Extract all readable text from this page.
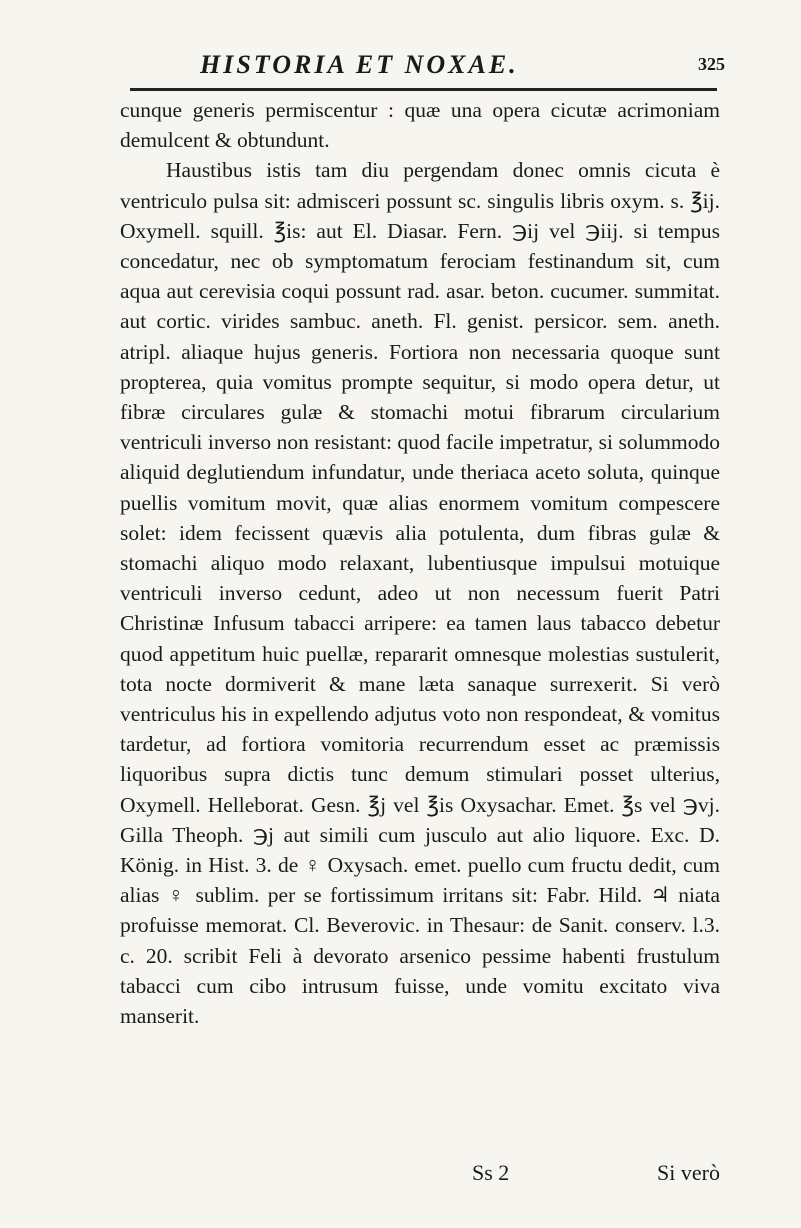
HISTORIA ET NOXAE.	325

cunque generis permiscentur : quæ una opera cicutæ acrimoniam demulcent & obtundunt.

Haustibus istis tam diu pergendam donec omnis cicuta è ventriculo pulsa sit: admisceri possunt sc. singulis libris oxym. s. ℥ij. Oxymell. squill. ℥is: aut El. Diasar. Fern. ℈ij vel ℈iij. si tempus concedatur, nec ob symptomatum ferociam festinandum sit, cum aqua aut cerevisia coqui possunt rad. asar. beton. cucumer. summitat. aut cortic. virides sambuc. aneth. Fl. genist. persicor. sem. aneth. atripl. aliaque hujus generis. Fortiora non necessaria quoque sunt propterea, quia vomitus prompte sequitur, si modo opera detur, ut fibræ circulares gulæ & stomachi motui fibrarum circularium ventriculi inverso non resistant: quod facile impetratur, si solummodo aliquid deglutiendum infundatur, unde theriaca aceto soluta, quinque puellis vomitum movit, quæ alias enormem vomitum compescere solet: idem fecissent quævis alia potulenta, dum fibras gulæ & stomachi aliquo modo relaxant, lubentiusque impulsui motuique ventriculi inverso cedunt, adeo ut non necessum fuerit Patri Christinæ Infusum tabacci arripere: ea tamen laus tabacco debetur quod appetitum huic puellæ, repararit omnesque molestias sustulerit, tota nocte dormiverit & mane læta sanaque surrexerit. Si verò ventriculus his in expellendo adjutus voto non respondeat, & vomitus tardetur, ad fortiora vomitoria recurrendum esset ac præmissis liquoribus supra dictis tunc demum stimulari posset ulterius, Oxymell. Helleborat. Gesn. ℥j vel ℥is Oxysachar. Emet. ℥s vel ℈vj. Gilla Theoph. ℈j aut simili cum jusculo aut alio liquore. Exc. D. König. in Hist. 3. de ♀ Oxysach. emet. puello cum fructu dedit, cum alias ♀ sublim. per se fortissimum irritans sit: Fabr. Hild. ♃ niata profuisse memorat. Cl. Beverovic. in Thesaur: de Sanit. conserv. l.3. c. 20. scribit Feli à devorato arsenico pessime habenti frustulum tabacci cum cibo intrusum fuisse, unde vomitu excitato viva manserit.

Ss 2	Si verò
